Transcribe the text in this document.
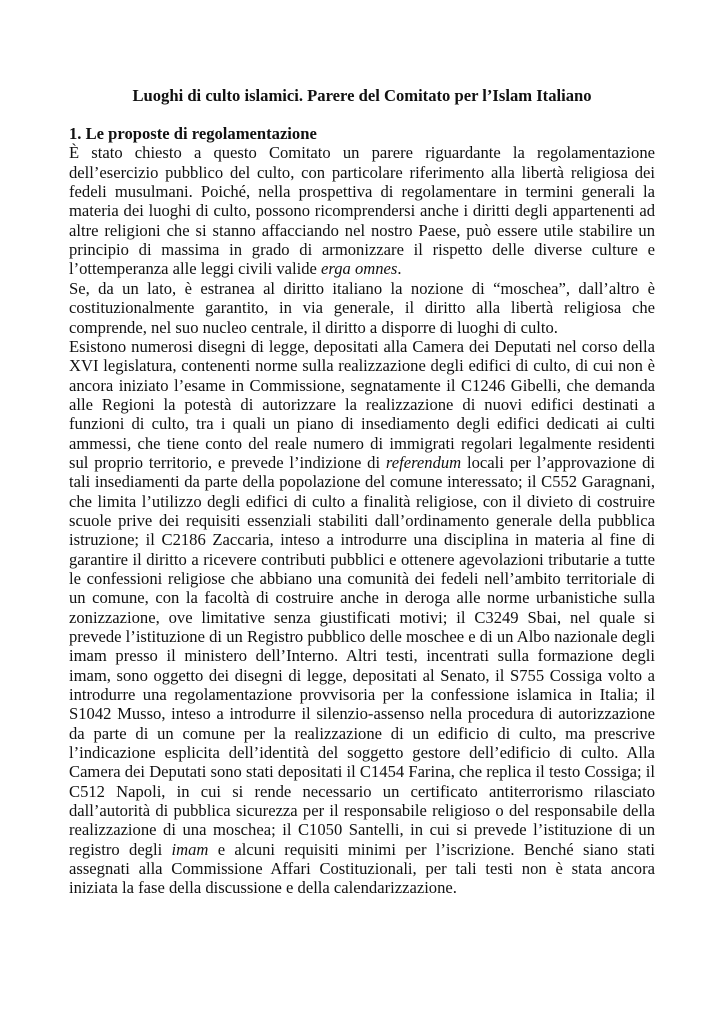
Luoghi di culto islamici. Parere del Comitato per l’Islam Italiano
1. Le proposte di regolamentazione

È stato chiesto a questo Comitato un parere riguardante la regolamentazione dell’esercizio pubblico del culto, con particolare riferimento alla libertà religiosa dei fedeli musulmani. Poiché, nella prospettiva di regolamentare in termini generali la materia dei luoghi di culto, possono ricomprendersi anche i diritti degli appartenenti ad altre religioni che si stanno affacciando nel nostro Paese, può essere utile stabilire un principio di massima in grado di armonizzare il rispetto delle diverse culture e l’ottemperanza alle leggi civili valide erga omnes.

Se, da un lato, è estranea al diritto italiano la nozione di “moschea”, dall’altro è costituzionalmente garantito, in via generale, il diritto alla libertà religiosa che comprende, nel suo nucleo centrale, il diritto a disporre di luoghi di culto.

Esistono numerosi disegni di legge, depositati alla Camera dei Deputati nel corso della XVI legislatura, contenenti norme sulla realizzazione degli edifici di culto, di cui non è ancora iniziato l’esame in Commissione, segnatamente il C1246 Gibelli, che demanda alle Regioni la potestà di autorizzare la realizzazione di nuovi edifici destinati a funzioni di culto, tra i quali un piano di insediamento degli edifici dedicati ai culti ammessi, che tiene conto del reale numero di immigrati regolari legalmente residenti sul proprio territorio, e prevede l’indizione di referendum locali per l’approvazione di tali insediamenti da parte della popolazione del comune interessato; il C552 Garagnani, che limita l’utilizzo degli edifici di culto a finalità religiose, con il divieto di costruire scuole prive dei requisiti essenziali stabiliti dall’ordinamento generale della pubblica istruzione; il C2186 Zaccaria, inteso a introdurre una disciplina in materia al fine di garantire il diritto a ricevere contributi pubblici e ottenere agevolazioni tributarie a tutte le confessioni religiose che abbiano una comunità dei fedeli nell’ambito territoriale di un comune, con la facoltà di costruire anche in deroga alle norme urbanistiche sulla zonizzazione, ove limitative senza giustificati motivi; il C3249 Sbai, nel quale si prevede l’istituzione di un Registro pubblico delle moschee e di un Albo nazionale degli imam presso il ministero dell’Interno. Altri testi, incentrati sulla formazione degli imam, sono oggetto dei disegni di legge, depositati al Senato, il S755 Cossiga volto a introdurre una regolamentazione provvisoria per la confessione islamica in Italia; il S1042 Musso, inteso a introdurre il silenzio-assenso nella procedura di autorizzazione da parte di un comune per la realizzazione di un edificio di culto, ma prescrive l’indicazione esplicita dell’identità del soggetto gestore dell’edificio di culto. Alla Camera dei Deputati sono stati depositati il C1454 Farina, che replica il testo Cossiga; il C512 Napoli, in cui si rende necessario un certificato antiterrorismo rilasciato dall’autorità di pubblica sicurezza per il responsabile religioso o del responsabile della realizzazione di una moschea; il C1050 Santelli, in cui si prevede l’istituzione di un registro degli imam e alcuni requisiti minimi per l’iscrizione. Benché siano stati assegnati alla Commissione Affari Costituzionali, per tali testi non è stata ancora iniziata la fase della discussione e della calendarizzazione.
